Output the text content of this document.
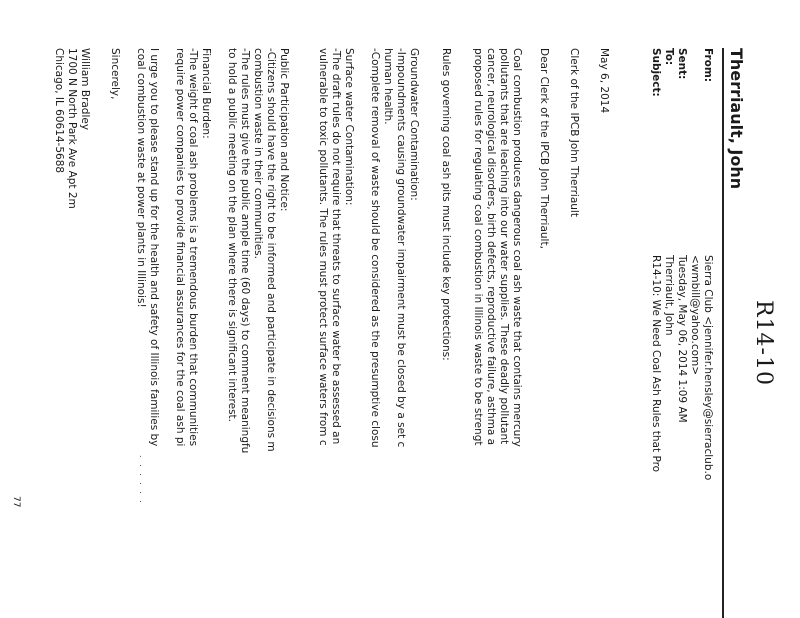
R14-10
Therriault, John
From:
Sierra Club <jennifer.hensley@sierraclub.o
<wmbill@yahoo.com>
Sent:
Tuesday, May 06, 2014 1:09 AM
To:
Therriault, John
Subject:
R14-10: We Need Coal Ash Rules that Pro
May 6, 2014
Clerk of the IPCB John Therriault
Dear Clerk of the IPCB John Therriault,
Coal combustion produces dangerous coal ash waste that contains mercury
pollutants that are leaching into our water supplies. These deadly pollutant
cancer, neurological disorders, birth defects, reproductive failure, asthma a
proposed rules for regulating coal combustion in Illinois waste to be strengt
Rules governing coal ash pits must include key protections:
Groundwater Contamination:
-Impoundments causing groundwater impairment must be closed by a set c
human health.
-Complete removal of waste should be considered as the presumptive closu
Surface water Contamination:
-The draft rules do not require that threats to surface water be assessed an
vulnerable to toxic pollutants. The rules must protect surface waters from c
Public Participation and Notice:
-Citizens should have the right to be informed and participate in decisions m
combustion waste in their communities.
-The rules must give the public ample time (60 days) to comment meaningfu
to hold a public meeting on the plan where there is significant interest.
Financial Burden:
-The weight of coal ash problems is a tremendous burden that communities
require power companies to provide financial assurances for the coal ash pi
I urge you to please stand up for the health and safety of Illinois families by
coal combustion waste at power plants in Illinois!
. . . . . .
Sincerely,
William Bradley
1700 N North Park Ave Apt 2m
Chicago, IL 60614-5688
77
